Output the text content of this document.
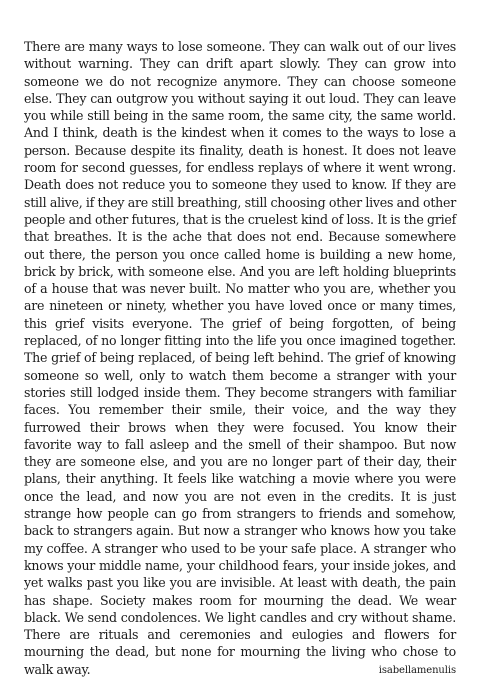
There are many ways to lose someone. They can walk out of our lives without warning. They can drift apart slowly. They can grow into someone we do not recognize anymore. They can choose someone else. They can outgrow you without saying it out loud. They can leave you while still being in the same room, the same city, the same world. And I think, death is the kindest when it comes to the ways to lose a person. Because despite its finality, death is honest. It does not leave room for second guesses, for endless replays of where it went wrong. Death does not reduce you to someone they used to know. If they are still alive, if they are still breathing, still choosing other lives and other people and other futures, that is the cruelest kind of loss. It is the grief that breathes. It is the ache that does not end. Because somewhere out there, the person you once called home is building a new home, brick by brick, with someone else. And you are left holding blueprints of a house that was never built. No matter who you are, whether you are nineteen or ninety, whether you have loved once or many times, this grief visits everyone. The grief of being forgotten, of being replaced, of no longer fitting into the life you once imagined together. The grief of being replaced, of being left behind. The grief of knowing someone so well, only to watch them become a stranger with your stories still lodged inside them. They become strangers with familiar faces. You remember their smile, their voice, and the way they furrowed their brows when they were focused. You know their favorite way to fall asleep and the smell of their shampoo. But now they are someone else, and you are no longer part of their day, their plans, their anything. It feels like watching a movie where you were once the lead, and now you are not even in the credits. It is just strange how people can go from strangers to friends and somehow, back to strangers again. But now a stranger who knows how you take my coffee. A stranger who used to be your safe place. A stranger who knows your middle name, your childhood fears, your inside jokes, and yet walks past you like you are invisible. At least with death, the pain has shape. Society makes room for mourning the dead. We wear black. We send condolences. We light candles and cry without shame. There are rituals and ceremonies and eulogies and flowers for mourning the dead, but none for mourning the living who chose to walk away.	isabellamenulis
